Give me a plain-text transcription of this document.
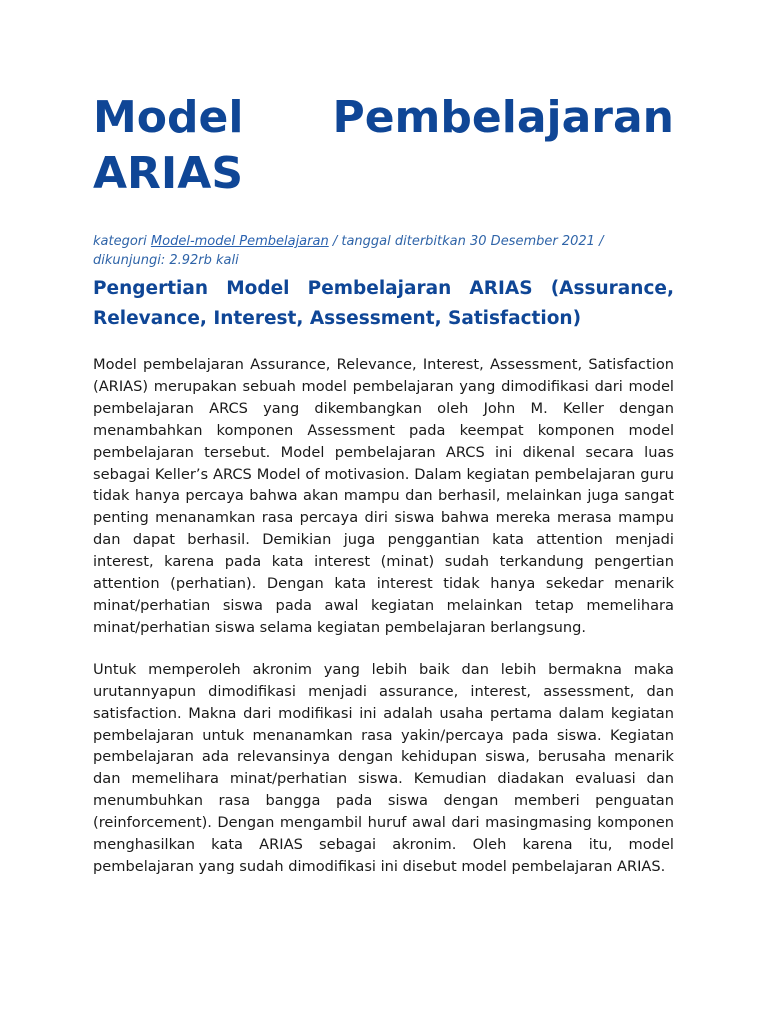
Model Pembelajaran
ARIAS
kategori Model-model Pembelajaran / tanggal diterbitkan 30 Desember 2021 / dikunjungi: 2.92rb kali
Pengertian Model Pembelajaran ARIAS (Assurance, Relevance, Interest, Assessment, Satisfaction)

Model pembelajaran Assurance, Relevance, Interest, Assessment, Satisfaction (ARIAS) merupakan sebuah model pembelajaran yang dimodifikasi dari model pembelajaran ARCS yang dikembangkan oleh John M. Keller dengan menambahkan komponen Assessment pada keempat komponen model pembelajaran tersebut. Model pembelajaran ARCS ini dikenal secara luas sebagai Keller’s ARCS Model of motivasion. Dalam kegiatan pembelajaran guru tidak hanya percaya bahwa akan mampu dan berhasil, melainkan juga sangat penting menanamkan rasa percaya diri siswa bahwa mereka merasa mampu dan dapat berhasil. Demikian juga penggantian kata attention menjadi interest, karena pada kata interest (minat) sudah terkandung pengertian attention (perhatian). Dengan kata interest tidak hanya sekedar menarik minat/perhatian siswa pada awal kegiatan melainkan tetap memelihara minat/perhatian siswa selama kegiatan pembelajaran berlangsung.

Untuk memperoleh akronim yang lebih baik dan lebih bermakna maka urutannyapun dimodifikasi menjadi assurance, interest, assessment, dan satisfaction. Makna dari modifikasi ini adalah usaha pertama dalam kegiatan pembelajaran untuk menanamkan rasa yakin/percaya pada siswa. Kegiatan pembelajaran ada relevansinya dengan kehidupan siswa, berusaha menarik dan memelihara minat/perhatian siswa. Kemudian diadakan evaluasi dan menumbuhkan rasa bangga pada siswa dengan memberi penguatan (reinforcement). Dengan mengambil huruf awal dari masingmasing komponen menghasilkan kata ARIAS sebagai akronim. Oleh karena itu, model pembelajaran yang sudah dimodifikasi ini disebut model pembelajaran ARIAS.
